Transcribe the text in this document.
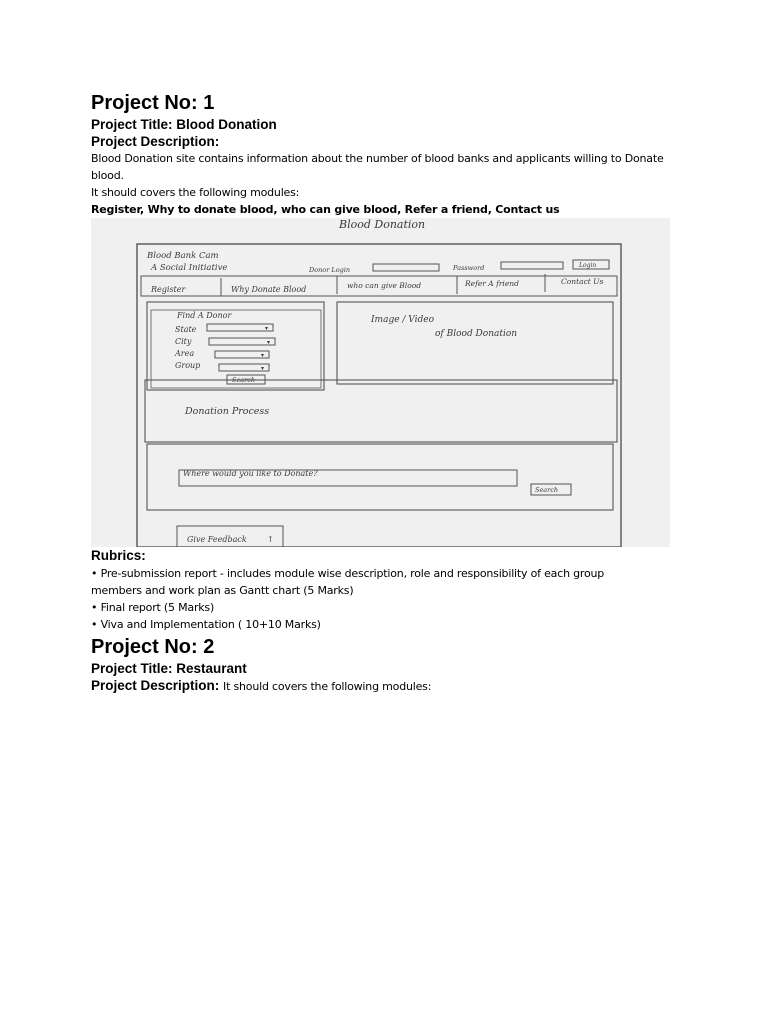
Project No: 1

Project Title: Blood Donation

Project Description:

Blood Donation site contains information about the number of blood banks and applicants willing to Donate blood.

It should covers the following modules:

Register, Why to donate blood, who can give blood, Refer a friend, Contact us

Blood Donation
Blood Bank Cam
A Social Initiative	Donor Login	Password	Login
Register	Why Donate Blood	who can give Blood	Refer A friend	Contact Us
Find A Donor
State	▾
City	▾
Area	▾
Group	▾
Search
Image / Video
of Blood Donation
Donation Process
Where would you like to Donate?
Search
Give Feedback	↑

Rubrics:

• Pre-submission report - includes module wise description, role and responsibility of each group members and work plan as Gantt chart (5 Marks)
• Final report (5 Marks)
• Viva and Implementation ( 10+10 Marks)

Project No: 2

Project Title: Restaurant

Project Description: It should covers the following modules:
